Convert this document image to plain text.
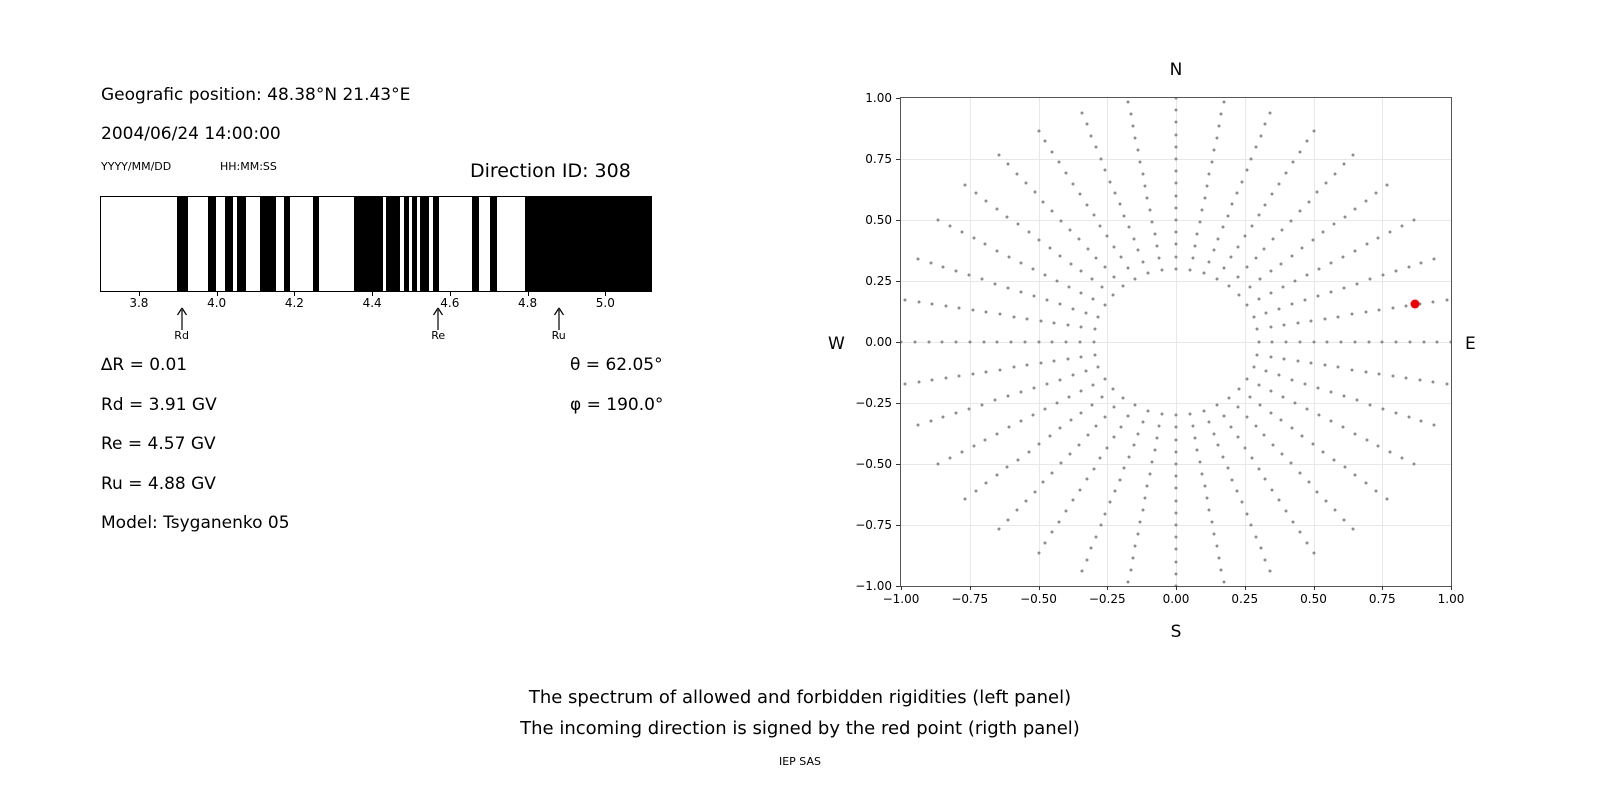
Geografic position: 48.38°N 21.43°E
2004/06/24 14:00:00
YYYY/MM/DD	HH:MM:SS	Direction ID: 308
3.8	4.0	4.2	4.4	4.6	4.8	5.0
Rd	Re	Ru
∆R = 0.01
Rd = 3.91 GV
Re = 4.57 GV
Ru = 4.88 GV
Model: Tsyganenko 05
θ = 62.05°
φ = 190.0°
N
S
W	E
−1.00	−0.75	−0.50	−0.25	0.00	0.25	0.50	0.75	1.00
−1.00
−0.75
−0.50
−0.25
0.00
0.25
0.50
0.75
1.00
The spectrum of allowed and forbidden rigidities (left panel)
The incoming direction is signed by the red point (rigth panel)
IEP SAS
